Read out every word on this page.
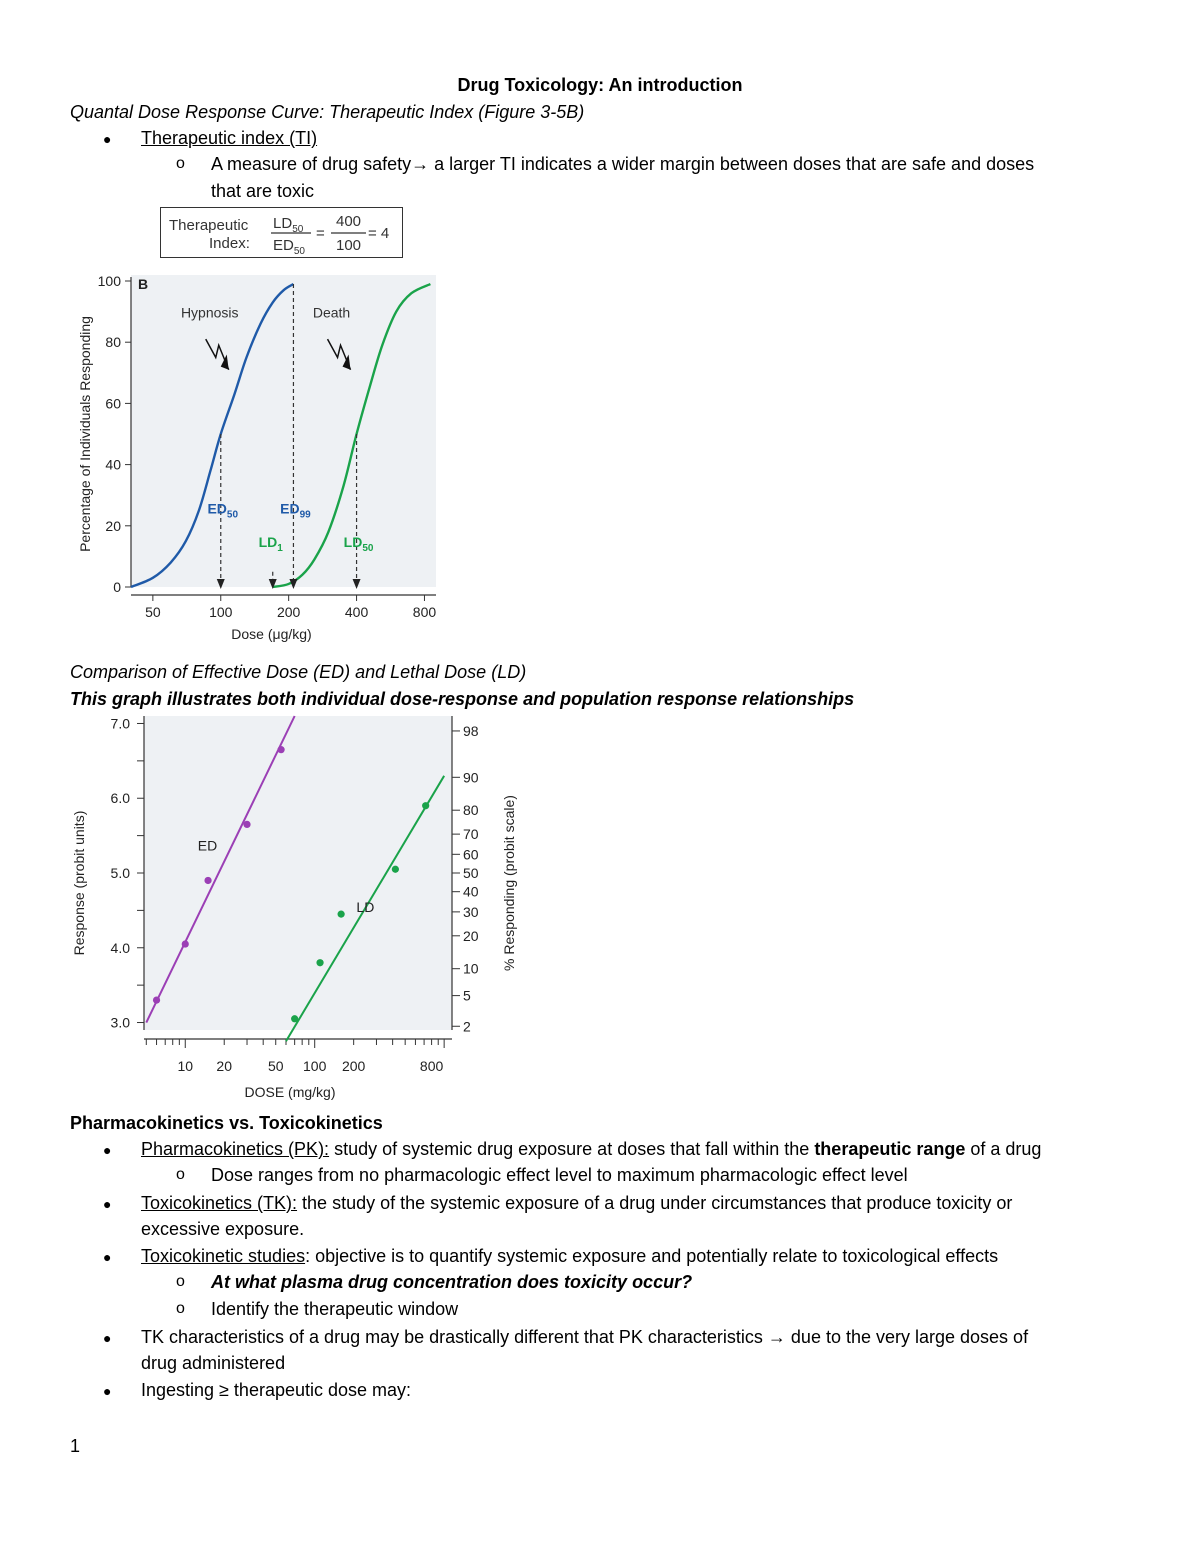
Drug Toxicology: An introduction
Quantal Dose Response Curve: Therapeutic Index (Figure 3-5B)
● Therapeutic index (TI)
o A measure of drug safety→ a larger TI indicates a wider margin between doses that are safe and doses
that are toxic
Therapeutic
Index:
$LD_{50}$
$ED_{50}$
=
400
100
= 4
0
20
40
60
80
100
50	100	200	400	800
Dose (μg/kg)
Percentage of Individuals Responding
B
Hypnosis	Death
$ED_{50}$	$ED_{99}$
$LD_1$	$LD_{50}$
Comparison of Effective Dose (ED) and Lethal Dose (LD)
This graph illustrates both individual dose-response and population response relationships
3.0
4.0
5.0
6.0
7.0
Response (probit units)
2
5
10
20
30
40
50
60
70
80
90
98
% Responding (probit scale)
10 20	50 100 200	800
DOSE (mg/kg)
ED
LD
Pharmacokinetics vs. Toxicokinetics
● Pharmacokinetics (PK): study of systemic drug exposure at doses that fall within the therapeutic range of a drug
o Dose ranges from no pharmacologic effect level to maximum pharmacologic effect level
● Toxicokinetics (TK): the study of the systemic exposure of a drug under circumstances that produce toxicity or
excessive exposure.
● Toxicokinetic studies: objective is to quantify systemic exposure and potentially relate to toxicological effects
o At what plasma drug concentration does toxicity occur?
o Identify the therapeutic window
● TK characteristics of a drug may be drastically different that PK characteristics → due to the very large doses of
drug administered
● Ingesting ≥ therapeutic dose may:
1
